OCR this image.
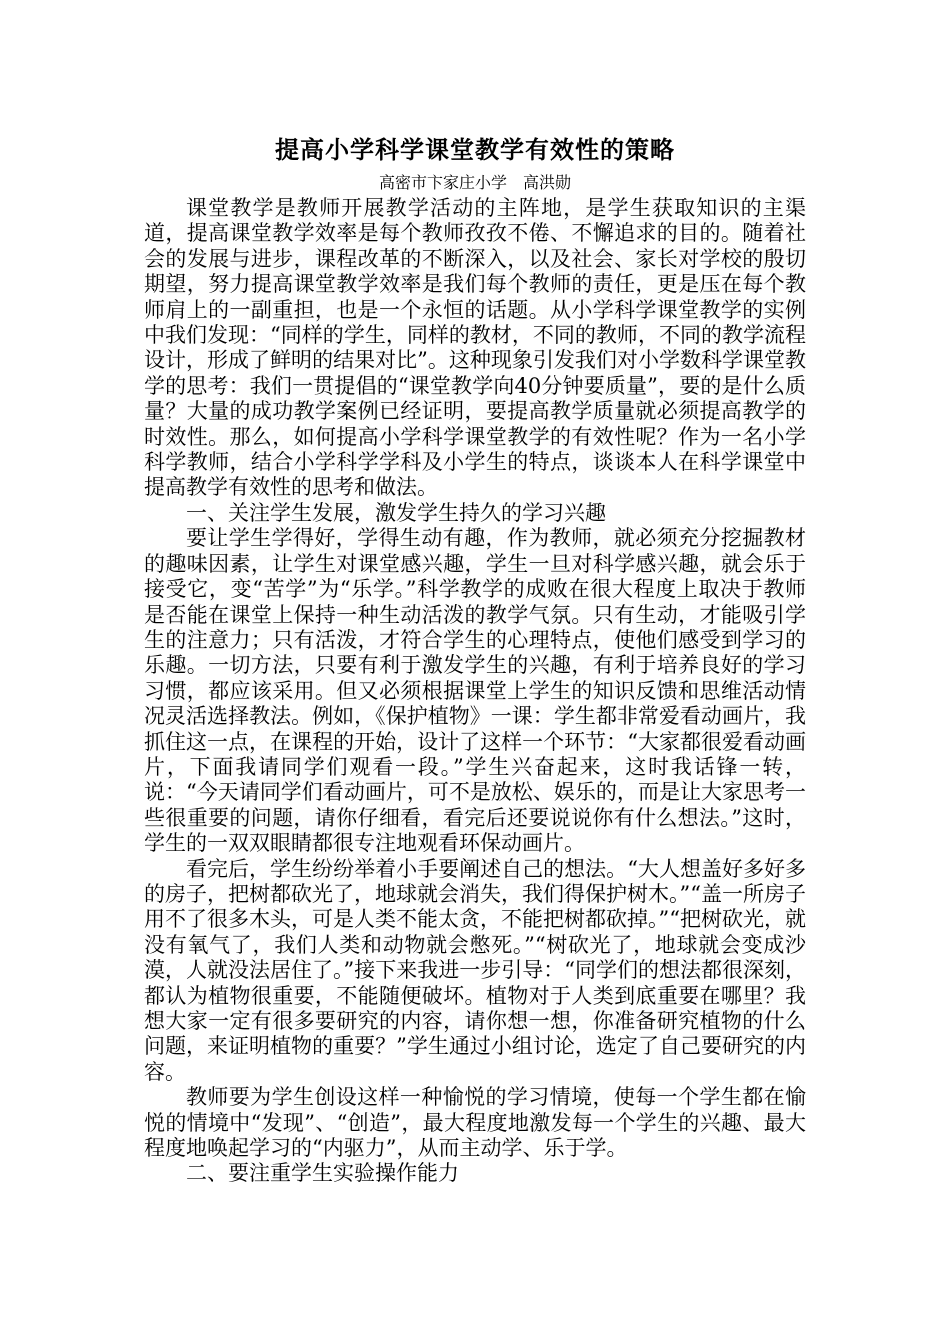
提高小学科学课堂教学有效性的策略
高密市卞家庄小学　高洪勋

课堂教学是教师开展教学活动的主阵地，是学生获取知识的主渠道，提高课堂教学效率是每个教师孜孜不倦、不懈追求的目的。随着社会的发展与进步，课程改革的不断深入，以及社会、家长对学校的殷切期望，努力提高课堂教学效率是我们每个教师的责任，更是压在每个教师肩上的一副重担，也是一个永恒的话题。从小学科学课堂教学的实例中我们发现：“同样的学生，同样的教材，不同的教师，不同的教学流程设计，形成了鲜明的结果对比”。这种现象引发我们对小学数科学课堂教学的思考：我们一贯提倡的“课堂教学向40分钟要质量”，要的是什么质量？大量的成功教学案例已经证明，要提高教学质量就必须提高教学的时效性。那么，如何提高小学科学课堂教学的有效性呢？作为一名小学科学教师，结合小学科学学科及小学生的特点，谈谈本人在科学课堂中提高教学有效性的思考和做法。

一、关注学生发展，激发学生持久的学习兴趣

要让学生学得好，学得生动有趣，作为教师，就必须充分挖掘教材的趣味因素，让学生对课堂感兴趣，学生一旦对科学感兴趣，就会乐于接受它，变“苦学”为“乐学。”科学教学的成败在很大程度上取决于教师是否能在课堂上保持一种生动活泼的教学气氛。只有生动，才能吸引学生的注意力；只有活泼，才符合学生的心理特点，使他们感受到学习的乐趣。一切方法，只要有利于激发学生的兴趣，有利于培养良好的学习习惯，都应该采用。但又必须根据课堂上学生的知识反馈和思维活动情况灵活选择教法。例如，《保护植物》一课：学生都非常爱看动画片，我抓住这一点，在课程的开始，设计了这样一个环节：“大家都很爱看动画片，下面我请同学们观看一段。”学生兴奋起来，这时我话锋一转，说：“今天请同学们看动画片，可不是放松、娱乐的，而是让大家思考一些很重要的问题，请你仔细看，看完后还要说说你有什么想法。”这时，学生的一双双眼睛都很专注地观看环保动画片。

看完后，学生纷纷举着小手要阐述自己的想法。“大人想盖好多好多的房子，把树都砍光了，地球就会消失，我们得保护树木。”“盖一所房子用不了很多木头，可是人类不能太贪，不能把树都砍掉。”“把树砍光，就没有氧气了，我们人类和动物就会憋死。”“树砍光了，地球就会变成沙漠，人就没法居住了。”接下来我进一步引导：“同学们的想法都很深刻，都认为植物很重要，不能随便破坏。植物对于人类到底重要在哪里？我想大家一定有很多要研究的内容，请你想一想，你准备研究植物的什么问题，来证明植物的重要？”学生通过小组讨论，选定了自己要研究的内容。

教师要为学生创设这样一种愉悦的学习情境，使每一个学生都在愉悦的情境中“发现”、“创造”，最大程度地激发每一个学生的兴趣、最大程度地唤起学习的“内驱力”，从而主动学、乐于学。

二、要注重学生实验操作能力
